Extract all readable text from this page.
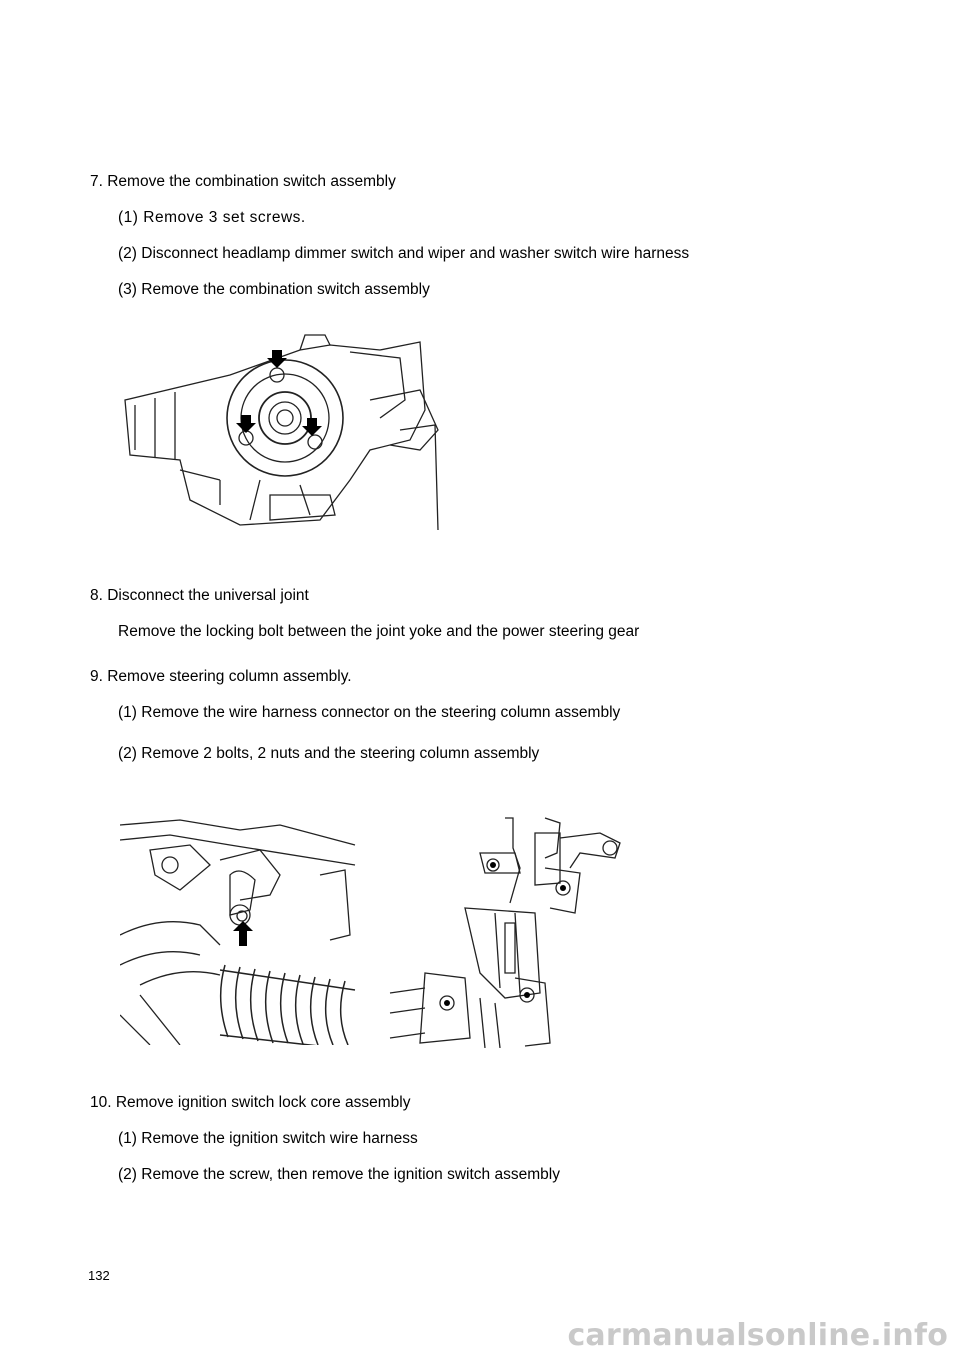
7. Remove the combination switch assembly
(1) Remove 3 set screws.
(2) Disconnect headlamp dimmer switch and wiper and washer switch wire harness
(3) Remove the combination switch assembly
8. Disconnect the universal joint
Remove the locking bolt between the joint yoke and the power steering gear
9. Remove steering column assembly.
(1) Remove the wire harness connector on the steering column assembly
(2) Remove 2 bolts, 2 nuts and the steering column assembly
10. Remove ignition switch lock core assembly
(1) Remove the ignition switch wire harness
(2) Remove the screw, then remove the ignition switch assembly
132
carmanualsonline.info
